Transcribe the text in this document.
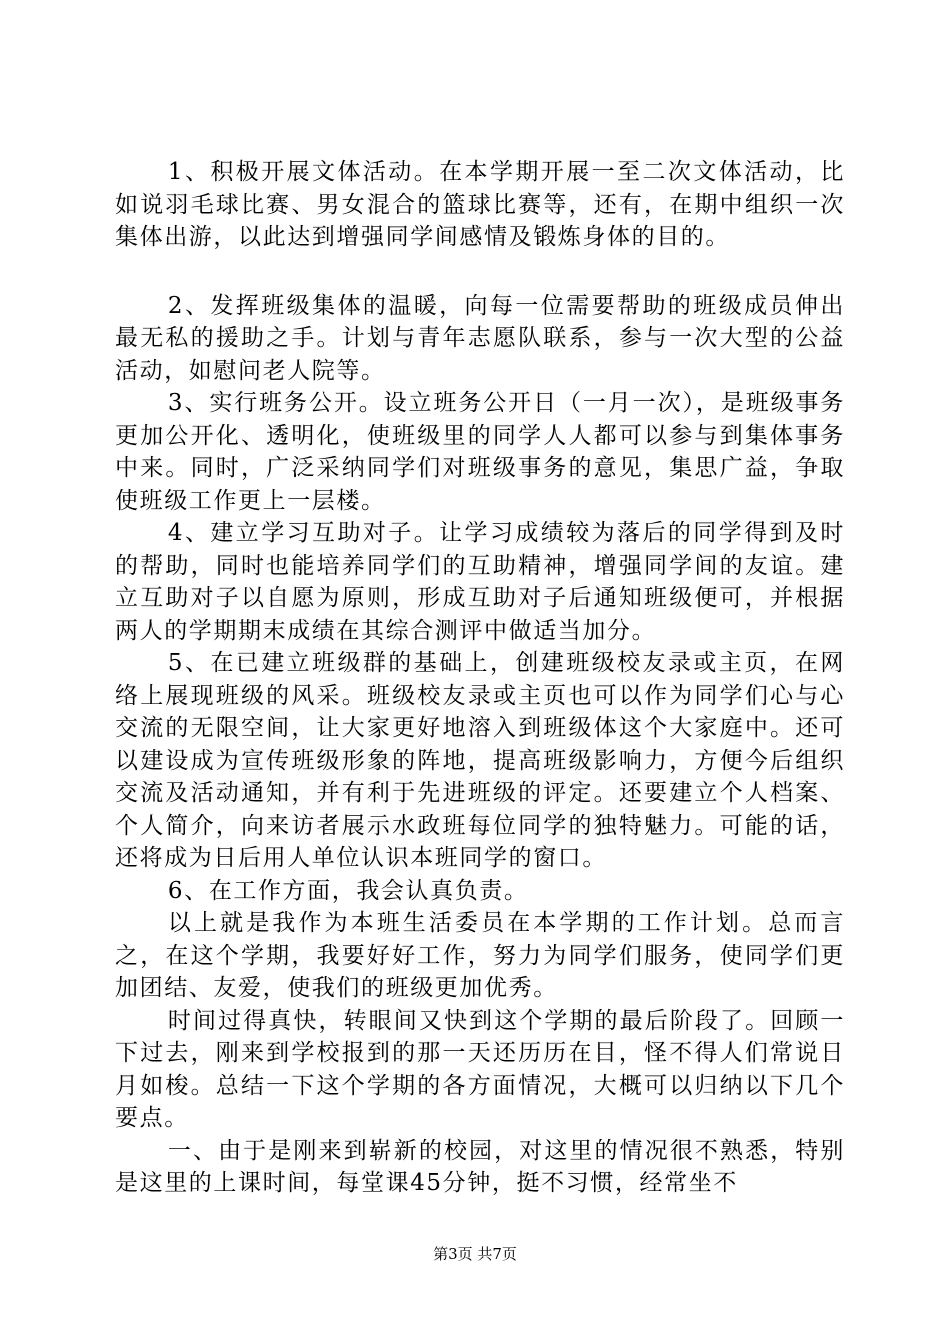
1、积极开展文体活动。在本学期开展一至二次文体活动，比如说羽毛球比赛、男女混合的篮球比赛等，还有，在期中组织一次集体出游，以此达到增强同学间感情及锻炼身体的目的。

2、发挥班级集体的温暖，向每一位需要帮助的班级成员伸出最无私的援助之手。计划与青年志愿队联系，参与一次大型的公益活动，如慰问老人院等。

3、实行班务公开。设立班务公开日（一月一次），是班级事务更加公开化、透明化，使班级里的同学人人都可以参与到集体事务中来。同时，广泛采纳同学们对班级事务的意见，集思广益，争取使班级工作更上一层楼。

4、建立学习互助对子。让学习成绩较为落后的同学得到及时的帮助，同时也能培养同学们的互助精神，增强同学间的友谊。建立互助对子以自愿为原则，形成互助对子后通知班级便可，并根据两人的学期期末成绩在其综合测评中做适当加分。

5、在已建立班级群的基础上，创建班级校友录或主页，在网络上展现班级的风采。班级校友录或主页也可以作为同学们心与心交流的无限空间，让大家更好地溶入到班级体这个大家庭中。还可以建设成为宣传班级形象的阵地，提高班级影响力，方便今后组织交流及活动通知，并有利于先进班级的评定。还要建立个人档案、个人简介，向来访者展示水政班每位同学的独特魅力。可能的话，还将成为日后用人单位认识本班同学的窗口。

6、在工作方面，我会认真负责。

以上就是我作为本班生活委员在本学期的工作计划。总而言之，在这个学期，我要好好工作，努力为同学们服务，使同学们更加团结、友爱，使我们的班级更加优秀。

时间过得真快，转眼间又快到这个学期的最后阶段了。回顾一下过去，刚来到学校报到的那一天还历历在目，怪不得人们常说日月如梭。总结一下这个学期的各方面情况，大概可以归纳以下几个要点。

一、由于是刚来到崭新的校园，对这里的情况很不熟悉，特别是这里的上课时间，每堂课45分钟，挺不习惯，经常坐不

第3页 共7页
